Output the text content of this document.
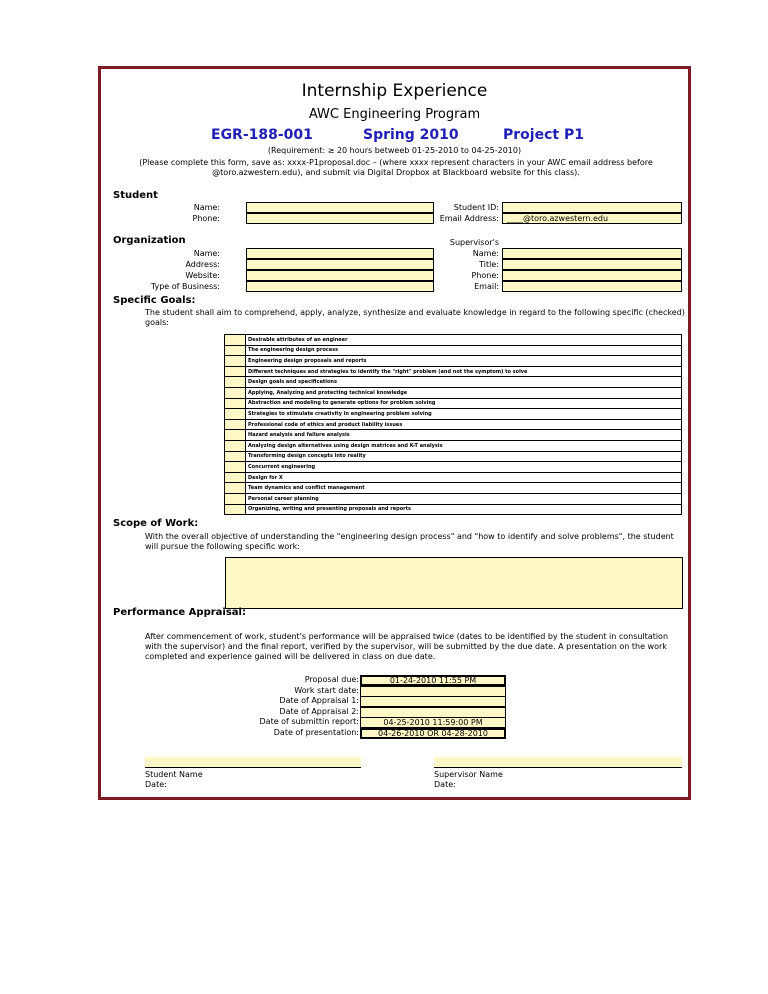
Internship Experience
AWC Engineering Program
EGR-188-001	Spring 2010	Project P1
(Requirement: ≥ 20 hours betweeb 01-25-2010 to 04-25-2010)
(Please complete this form, save as: xxxx-P1proposal.doc – (where xxxx represent characters in your AWC email address before @toro.azwestern.edu), and submit via Digital Dropbox at Blackboard website for this class).
Student
Name:
Phone:
Student ID:
Email Address:	____@toro.azwestern.edu
Organization
Name:
Address:
Website:
Type of Business:
Supervisor's
Name:
Title:
Phone:
Email:
Specific Goals:
The student shall aim to comprehend, apply, analyze, synthesize and evaluate knowledge in regard to the following specific (checked) goals:
	Desirable attributes of an engineer
	The engineering design process
	Engineering design proposals and reports
	Different techniques and strategies to identify the "right" problem (and not the symptom) to solve
	Design goals and specifications
	Applying, Analyzing and protecting technical knowledge
	Abstraction and modeling to generate options for problem solving
	Strategies to stimulate creativity in engineering problem solving
	Professional code of ethics and product liability issues
	Hazard analysis and failure analysis
	Analyzing design alternatives using design matrices and K-T analysis
	Transforming design concepts into reality
	Concurrent engineering
	Design for X
	Team dynamics and conflict management
	Personal career planning
	Organizing, writing and presenting proposals and reports
Scope of Work:
With the overall objective of understanding the "engineering design process" and "how to identify and solve problems", the student will pursue the following specific work:
Performance Appraisal:
After commencement of work, student's performance will be appraised twice (dates to be identified by the student in consultation with the supervisor) and the final report, verified by the supervisor, will be submitted by the due date. A presentation on the work completed and experience gained will be delivered in class on due date.
Proposal due:	01-24-2010 11:55 PM
Work start date:
Date of Appraisal 1:
Date of Appraisal 2:
Date of submittin report:	04-25-2010 11:59:00 PM
Date of presentation:	04-26-2010 OR 04-28-2010
Student Name
Date:
Supervisor Name
Date:
